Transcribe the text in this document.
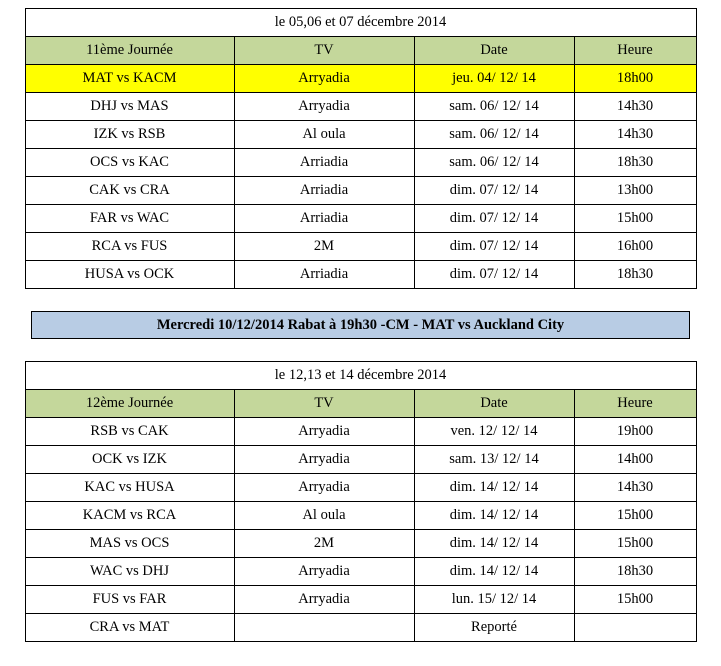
le 05,06 et 07 décembre 2014			
11ème Journée	TV	Date	Heure
MAT vs KACM	Arryadia	jeu. 04/ 12/ 14	18h00
DHJ vs MAS	Arryadia	sam. 06/ 12/ 14	14h30
IZK vs RSB	Al oula	sam. 06/ 12/ 14	14h30
OCS vs KAC	Arriadia	sam. 06/ 12/ 14	18h30
CAK vs CRA	Arriadia	dim. 07/ 12/ 14	13h00
FAR vs WAC	Arriadia	dim. 07/ 12/ 14	15h00
RCA vs FUS	2M	dim. 07/ 12/ 14	16h00
HUSA vs OCK	Arriadia	dim. 07/ 12/ 14	18h30
Mercredi 10/12/2014 Rabat à 19h30 -CM - MAT vs Auckland City
le 12,13 et 14 décembre 2014			
12ème Journée	TV	Date	Heure
RSB vs CAK	Arryadia	ven. 12/ 12/ 14	19h00
OCK vs IZK	Arryadia	sam. 13/ 12/ 14	14h00
KAC vs HUSA	Arryadia	dim. 14/ 12/ 14	14h30
KACM vs RCA	Al oula	dim. 14/ 12/ 14	15h00
MAS vs OCS	2M	dim. 14/ 12/ 14	15h00
WAC vs DHJ	Arryadia	dim. 14/ 12/ 14	18h30
FUS vs FAR	Arryadia	lun. 15/ 12/ 14	15h00
CRA vs MAT		Reporté	
